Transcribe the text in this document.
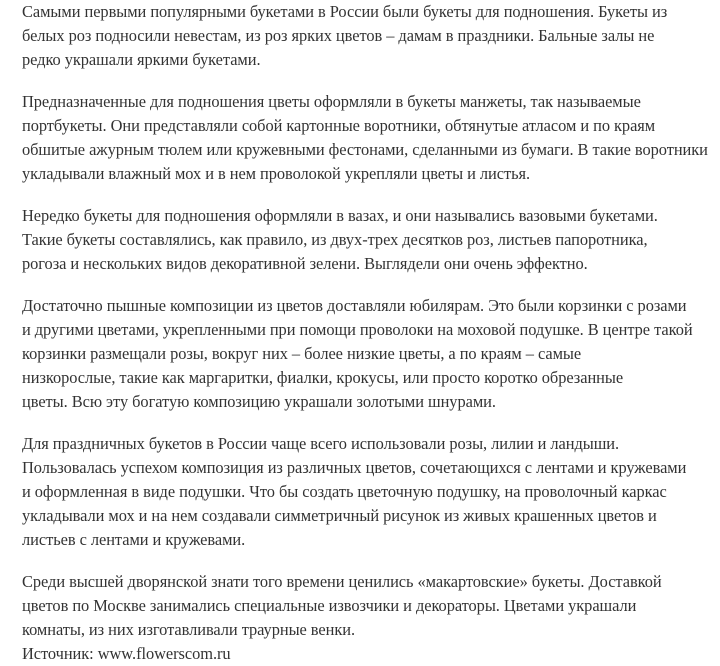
Самыми первыми популярными букетами в России были букеты для подношения. Букеты из
белых роз подносили невестам, из роз ярких цветов – дамам в праздники. Бальные залы не
редко украшали яркими букетами.

Предназначенные для подношения цветы оформляли в букеты манжеты, так называемые
портбукеты. Они представляли собой картонные воротники, обтянутые атласом и по краям
обшитые ажурным тюлем или кружевными фестонами, сделанными из бумаги. В такие воротники
укладывали влажный мох и в нем проволокой укрепляли цветы и листья.

Нередко букеты для подношения оформляли в вазах, и они назывались вазовыми букетами.
Такие букеты составлялись, как правило, из двух-трех десятков роз, листьев папоротника,
рогоза и нескольких видов декоративной зелени. Выглядели они очень эффектно.

Достаточно пышные композиции из цветов доставляли юбилярам. Это были корзинки с розами
и другими цветами, укрепленными при помощи проволоки на моховой подушке. В центре такой
корзинки размещали розы, вокруг них – более низкие цветы, а по краям – самые
низкорослые, такие как маргаритки, фиалки, крокусы, или просто коротко обрезанные
цветы. Всю эту богатую композицию украшали золотыми шнурами.

Для праздничных букетов в России чаще всего использовали розы, лилии и ландыши.
Пользовалась успехом композиция из различных цветов, сочетающихся с лентами и кружевами
и оформленная в виде подушки. Что бы создать цветочную подушку, на проволочный каркас
укладывали мох и на нем создавали симметричный рисунок из живых крашенных цветов и
листьев с лентами и кружевами.

Среди высшей дворянской знати того времени ценились «макартовские» букеты. Доставкой
цветов по Москве занимались специальные извозчики и декораторы. Цветами украшали
комнаты, из них изготавливали траурные венки.

Источник: www.flowerscom.ru
